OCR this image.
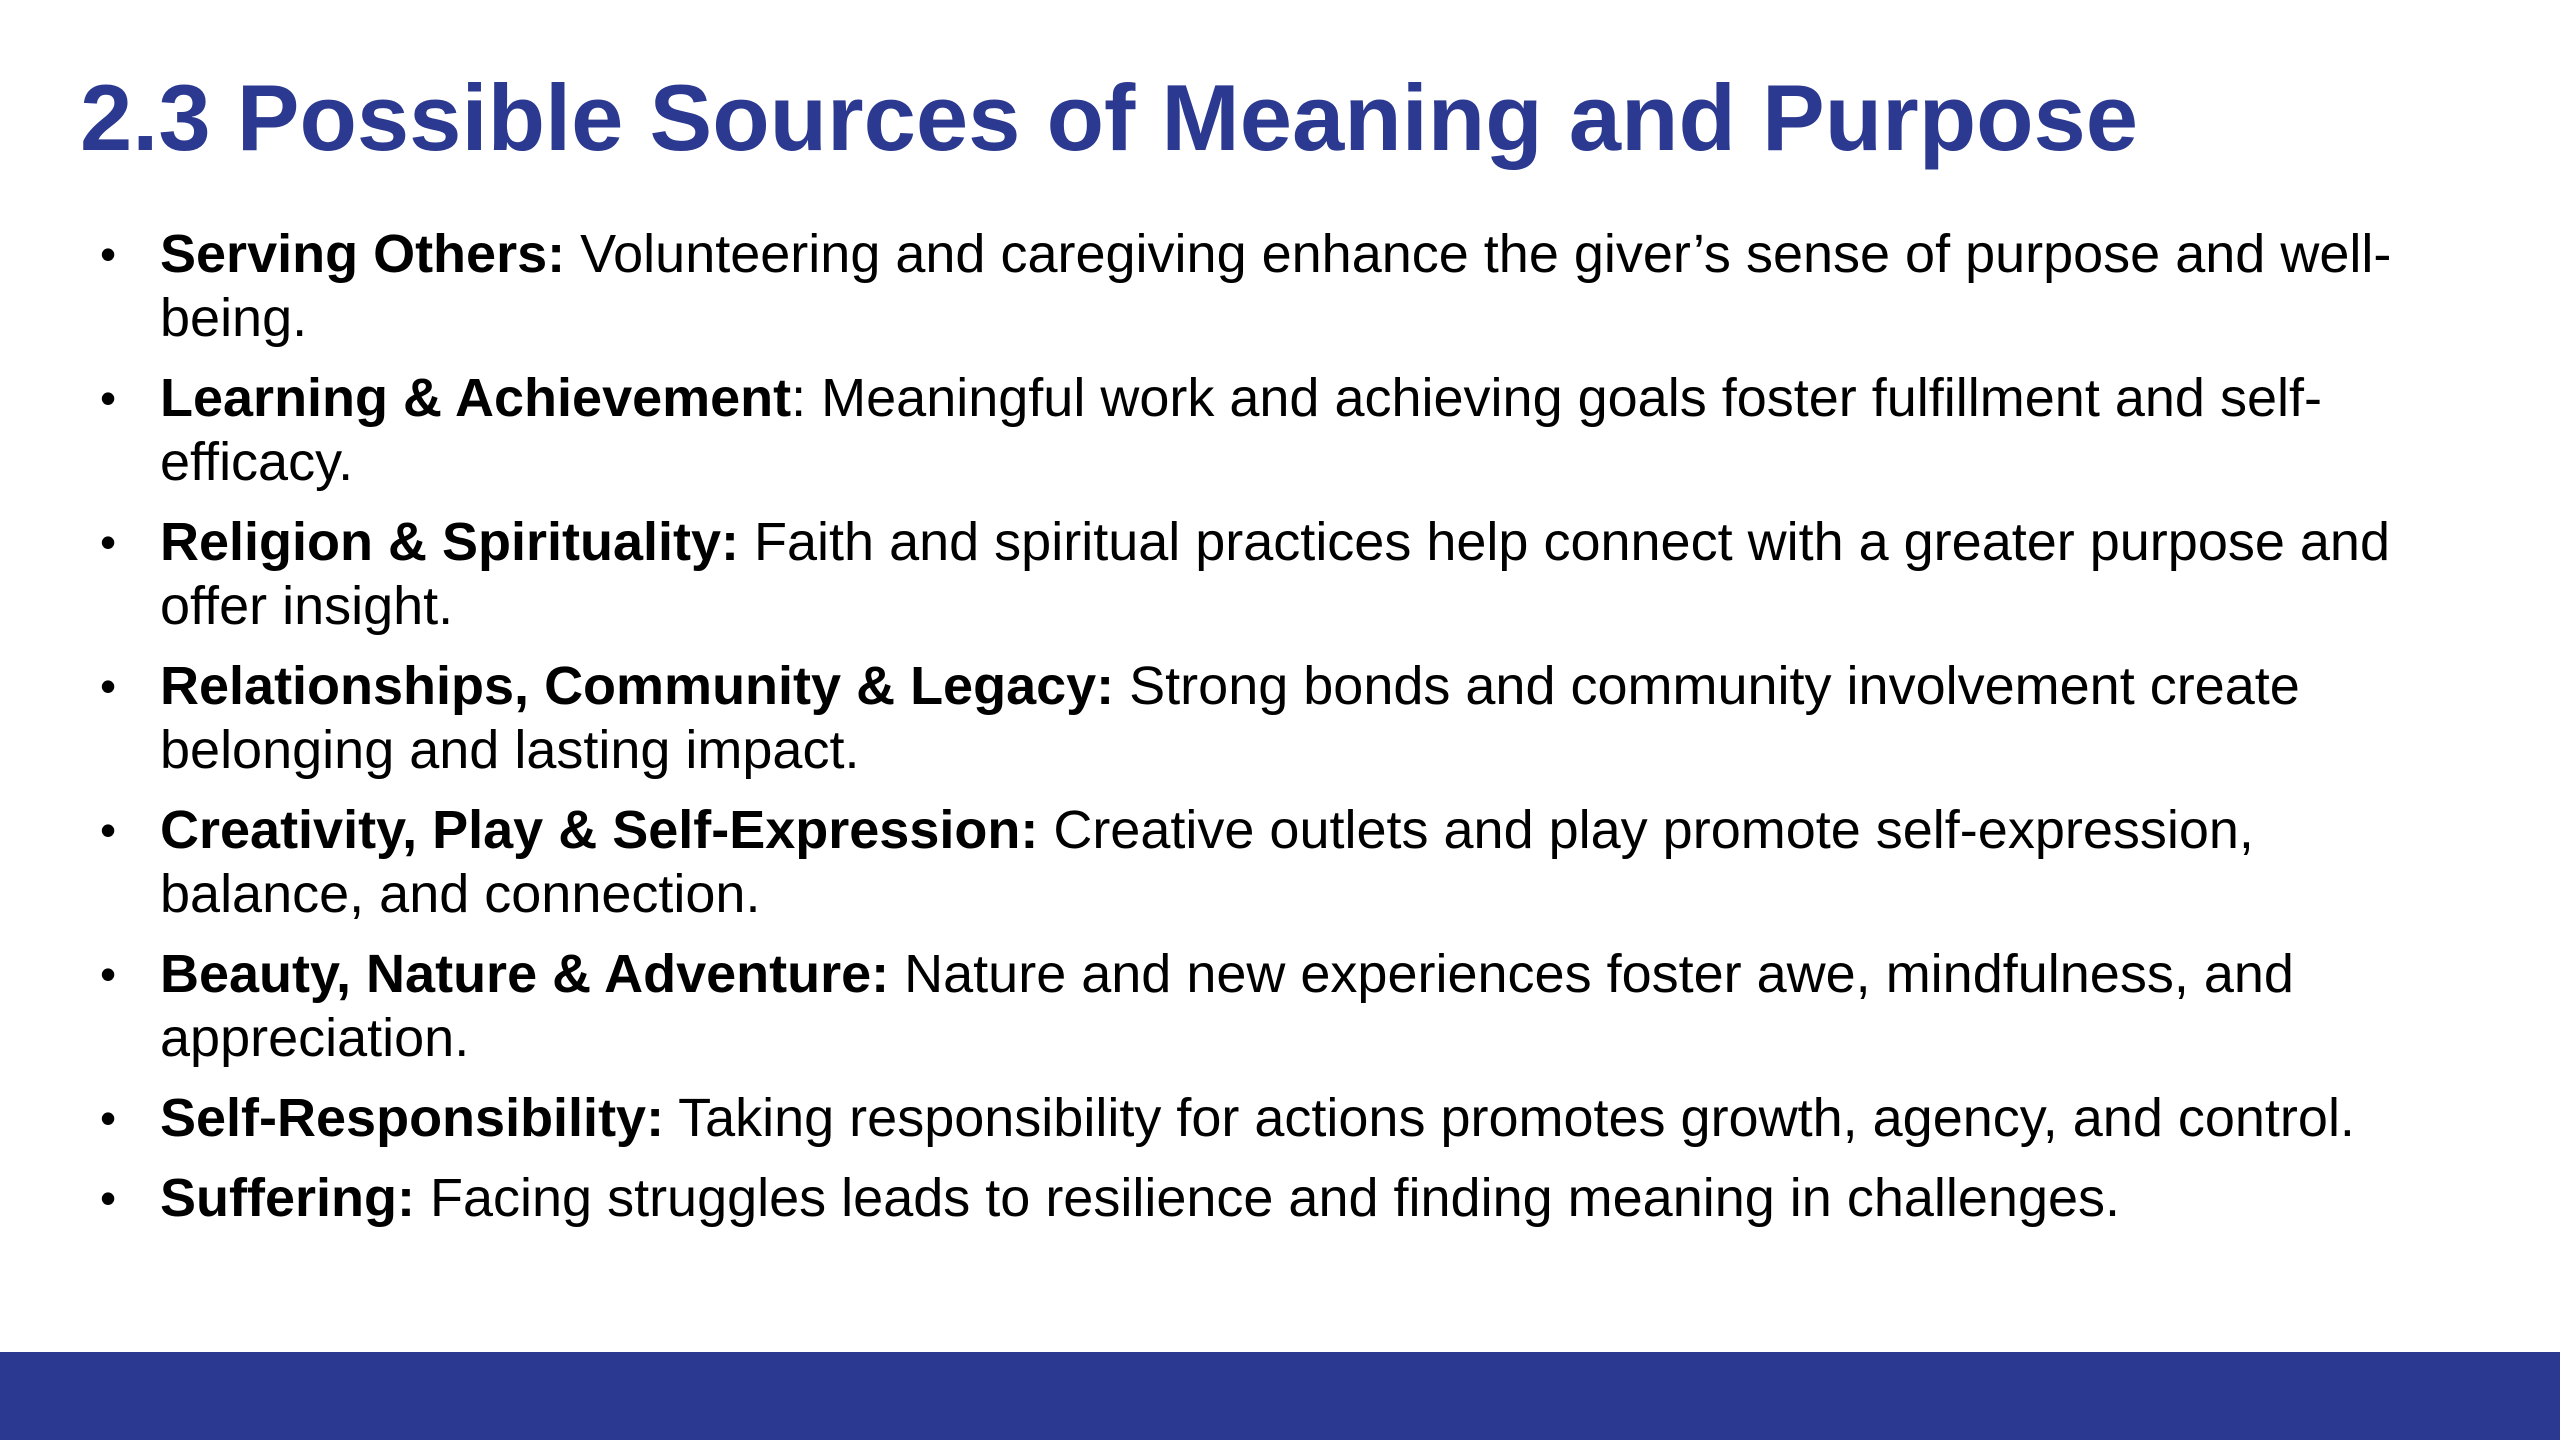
2.3 Possible Sources of Meaning and Purpose
• Serving Others: Volunteering and caregiving enhance the giver’s sense of purpose and well-being.
• Learning & Achievement: Meaningful work and achieving goals foster fulfillment and self-efficacy.
• Religion & Spirituality: Faith and spiritual practices help connect with a greater purpose and offer insight.
• Relationships, Community & Legacy: Strong bonds and community involvement create belonging and lasting impact.
• Creativity, Play & Self-Expression: Creative outlets and play promote self-expression, balance, and connection.
• Beauty, Nature & Adventure: Nature and new experiences foster awe, mindfulness, and appreciation.
• Self-Responsibility: Taking responsibility for actions promotes growth, agency, and control.
• Suffering: Facing struggles leads to resilience and finding meaning in challenges.
